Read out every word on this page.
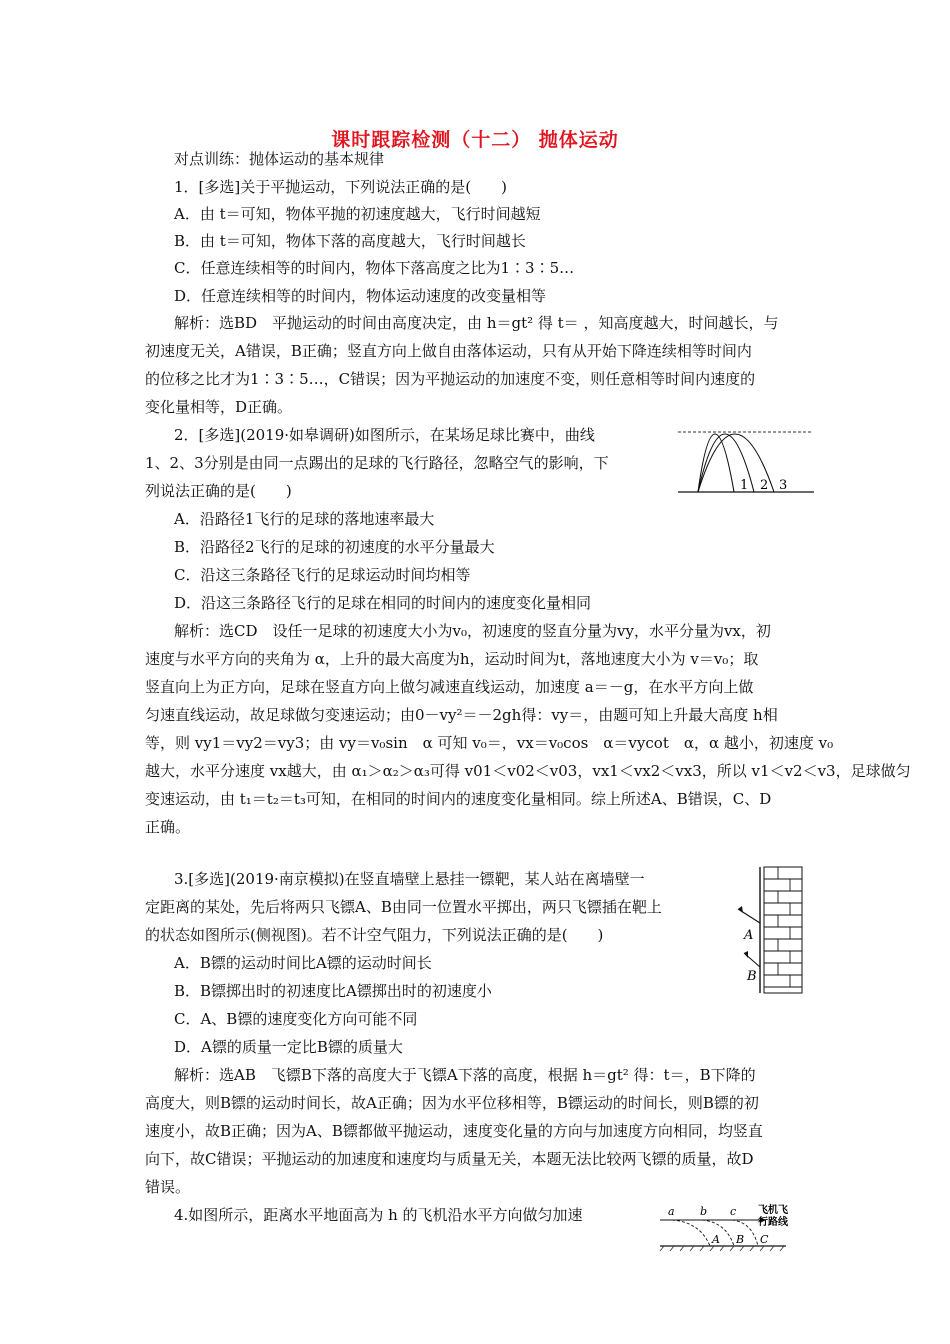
课时跟踪检测（十二） 抛体运动
对点训练：抛体运动的基本规律
1．[多选]关于平抛运动，下列说法正确的是(　　)
A．由 t＝可知，物体平抛的初速度越大，飞行时间越短
B．由 t＝可知，物体下落的高度越大，飞行时间越长
C．任意连续相等的时间内，物体下落高度之比为1∶3∶5…
D．任意连续相等的时间内，物体运动速度的改变量相等
解析：选BD　平抛运动的时间由高度决定，由 h＝gt² 得 t＝ ，知高度越大，时间越长，与
初速度无关，A错误，B正确；竖直方向上做自由落体运动，只有从开始下降连续相等时间内
的位移之比才为1∶3∶5…，C错误；因为平抛运动的加速度不变，则任意相等时间内速度的
变化量相等，D正确。
2．[多选](2019·如皋调研)如图所示，在某场足球比赛中，曲线
1、2、3分别是由同一点踢出的足球的飞行路径，忽略空气的影响，下
列说法正确的是(　　)	1 2 3
A．沿路径1飞行的足球的落地速率最大
B．沿路径2飞行的足球的初速度的水平分量最大
C．沿这三条路径飞行的足球运动时间均相等
D．沿这三条路径飞行的足球在相同的时间内的速度变化量相同
解析：选CD　设任一足球的初速度大小为v₀，初速度的竖直分量为vy，水平分量为vx，初
速度与水平方向的夹角为 α，上升的最大高度为h，运动时间为t，落地速度大小为 v＝v₀；取
竖直向上为正方向，足球在竖直方向上做匀减速直线运动，加速度 a＝－g，在水平方向上做
匀速直线运动，故足球做匀变速运动；由0－vy²＝－2gh得：vy＝，由题可知上升最大高度 h相
等，则 vy1＝vy2＝vy3；由 vy＝v₀sin　α 可知 v₀＝，vx＝v₀cos　α＝vycot　α，α 越小，初速度 v₀
越大，水平分速度 vx越大，由 α₁＞α₂＞α₃可得 v01＜v02＜v03，vx1＜vx2＜vx3，所以 v1＜v2＜v3，足球做匀
变速运动，由 t₁＝t₂＝t₃可知，在相同的时间内的速度变化量相同。综上所述A、B错误，C、D
正确。
3.[多选](2019·南京模拟)在竖直墙壁上悬挂一镖靶，某人站在离墙壁一
定距离的某处，先后将两只飞镖A、B由同一位置水平掷出，两只飞镖插在靶上
的状态如图所示(侧视图)。若不计空气阻力，下列说法正确的是(　　)	A
B
A．B镖的运动时间比A镖的运动时间长
B．B镖掷出时的初速度比A镖掷出时的初速度小
C．A、B镖的速度变化方向可能不同
D．A镖的质量一定比B镖的质量大
解析：选AB　飞镖B下落的高度大于飞镖A下落的高度，根据 h＝gt² 得：t＝，B下降的
高度大，则B镖的运动时间长，故A正确；因为水平位移相等，B镖运动的时间长，则B镖的初
速度小，故B正确；因为A、B镖都做平抛运动，速度变化量的方向与加速度方向相同，均竖直
向下，故C错误；平抛运动的加速度和速度均与质量无关，本题无法比较两飞镖的质量，故D
错误。
4.如图所示，距离水平地面高为 h 的飞机沿水平方向做匀加速	a b c
A B C
飞机飞
行路线
